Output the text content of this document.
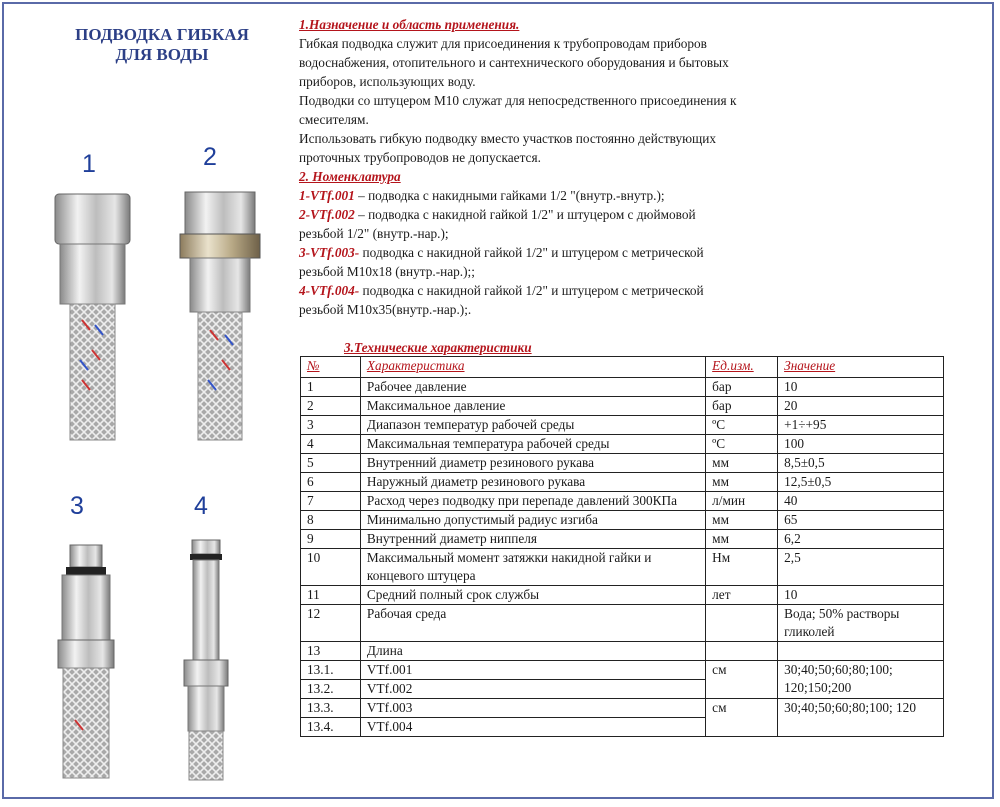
ПОДВОДКА ГИБКАЯ
ДЛЯ ВОДЫ
1	2
3	4
1.Назначение и область применения.

Гибкая подводка служит для присоединения к трубопроводам приборов

водоснабжения, отопительного и сантехнического оборудования и бытовых

приборов, использующих воду.

Подводки со штуцером М10 служат для непосредственного присоединения к

смесителям.

Использовать гибкую подводку вместо участков постоянно действующих

проточных трубопроводов не допускается.

2. Номенклатура

1-VTf.001 – подводка с накидными гайками 1/2 "(внутр.-внутр.);

2-VTf.002 – подводка с накидной гайкой 1/2" и штуцером с дюймовой

резьбой 1/2" (внутр.-нар.);

3-VTf.003- подводка с накидной гайкой 1/2" и штуцером с метрической

резьбой М10х18 (внутр.-нар.);;

4-VTf.004- подводка с накидной гайкой 1/2" и штуцером с метрической

резьбой М10х35(внутр.-нар.);.

3.Технические характеристики
№	Характеристика	Ед.изм.	Значение
1	Рабочее давление	бар	10
2	Максимальное давление	бар	20
3	Диапазон температур рабочей среды	ºС	+1÷+95
4	Максимальная температура рабочей среды	ºС	100
5	Внутренний диаметр резинового рукава	мм	8,5±0,5
6	Наружный диаметр резинового рукава	мм	12,5±0,5
7	Расход через подводку при перепаде давлений 300КПа	л/мин	40
8	Минимально допустимый радиус изгиба	мм	65
9	Внутренний диаметр ниппеля	мм	6,2
10	Максимальный момент затяжки накидной гайки и концевого штуцера	Нм	2,5
11	Средний полный срок службы	лет	10
12	Рабочая среда		Вода; 50% растворы гликолей
13	Длина		
13.1.	VTf.001	см	30;40;50;60;80;100; 120;150;200
13.2.	VTf.002		
13.3.	VTf.003	см	30;40;50;60;80;100; 120
13.4.	VTf.004		
